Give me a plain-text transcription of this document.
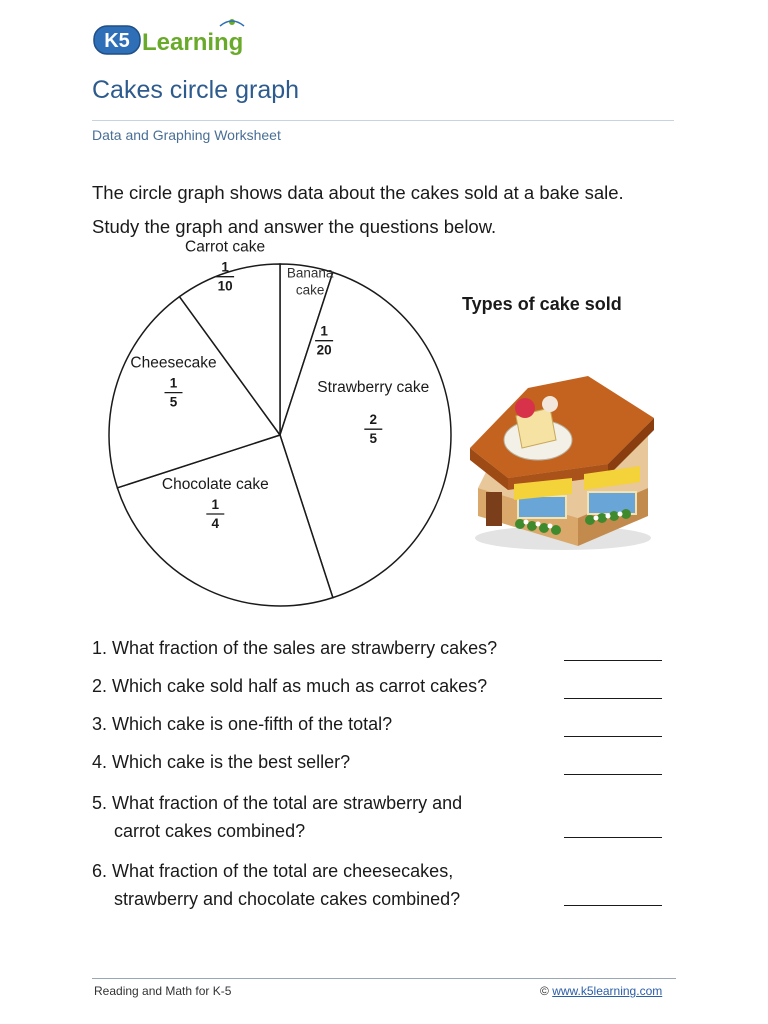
K5 Learning
Cakes circle graph
Data and Graphing Worksheet
The circle graph shows data about the cakes sold at a bake sale.
Study the graph and answer the questions below.
Banana
cake
1
20
Strawberry cake
2
5
Chocolate cake
1
4
Cheesecake
1
5
Carrot cake
1
10
Types of cake sold
1. What fraction of the sales are strawberry cakes?
2. Which cake sold half as much as carrot cakes?
3. Which cake is one-fifth of the total?
4. Which cake is the best seller?
5. What fraction of the total are strawberry and
carrot cakes combined?
6. What fraction of the total are cheesecakes,
strawberry and chocolate cakes combined?
Reading and Math for K-5	© www.k5learning.com
